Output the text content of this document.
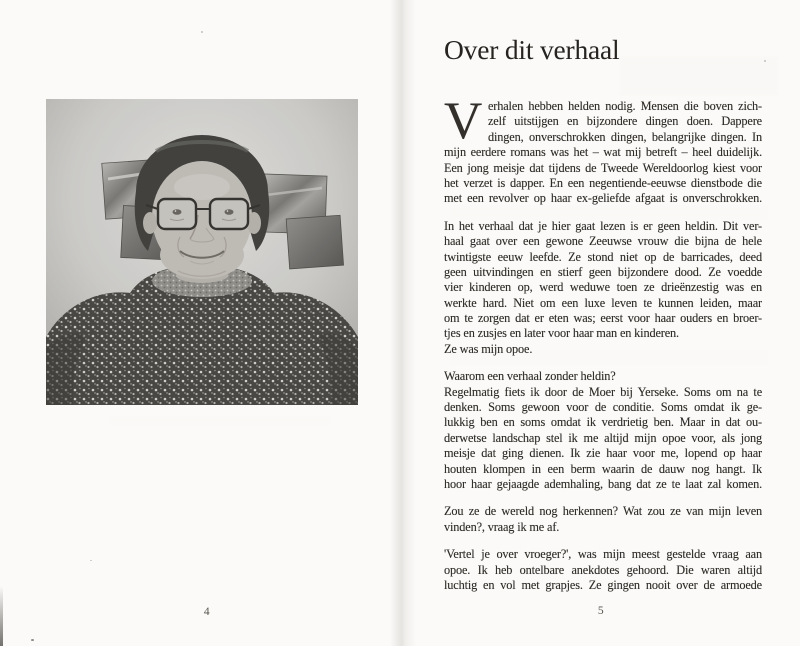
4
Over dit verhaal
V erhalen hebben helden nodig. Mensen die boven zich-
zelf uitstijgen en bijzondere dingen doen. Dappere
dingen, onverschrokken dingen, belangrijke dingen. In
mijn eerdere romans was het – wat mij betreft – heel duidelijk.
Een jong meisje dat tijdens de Tweede Wereldoorlog kiest voor
het verzet is dapper. En een negentiende-eeuwse dienstbode die
met een revolver op haar ex-geliefde afgaat is onverschrokken.
In het verhaal dat je hier gaat lezen is er geen heldin. Dit ver-
haal gaat over een gewone Zeeuwse vrouw die bijna de hele
twintigste eeuw leefde. Ze stond niet op de barricades, deed
geen uitvindingen en stierf geen bijzondere dood. Ze voedde
vier kinderen op, werd weduwe toen ze drieënzestig was en
werkte hard. Niet om een luxe leven te kunnen leiden, maar
om te zorgen dat er eten was; eerst voor haar ouders en broer-
tjes en zusjes en later voor haar man en kinderen.
Ze was mijn opoe.
Waarom een verhaal zonder heldin?
Regelmatig fiets ik door de Moer bij Yerseke. Soms om na te
denken. Soms gewoon voor de conditie. Soms omdat ik ge-
lukkig ben en soms omdat ik verdrietig ben. Maar in dat ou-
derwetse landschap stel ik me altijd mijn opoe voor, als jong
meisje dat ging dienen. Ik zie haar voor me, lopend op haar
houten klompen in een berm waarin de dauw nog hangt. Ik
hoor haar gejaagde ademhaling, bang dat ze te laat zal komen.
Zou ze de wereld nog herkennen? Wat zou ze van mijn leven
vinden?, vraag ik me af.
'Vertel je over vroeger?', was mijn meest gestelde vraag aan
opoe. Ik heb ontelbare anekdotes gehoord. Die waren altijd
luchtig en vol met grapjes. Ze gingen nooit over de armoede
5
